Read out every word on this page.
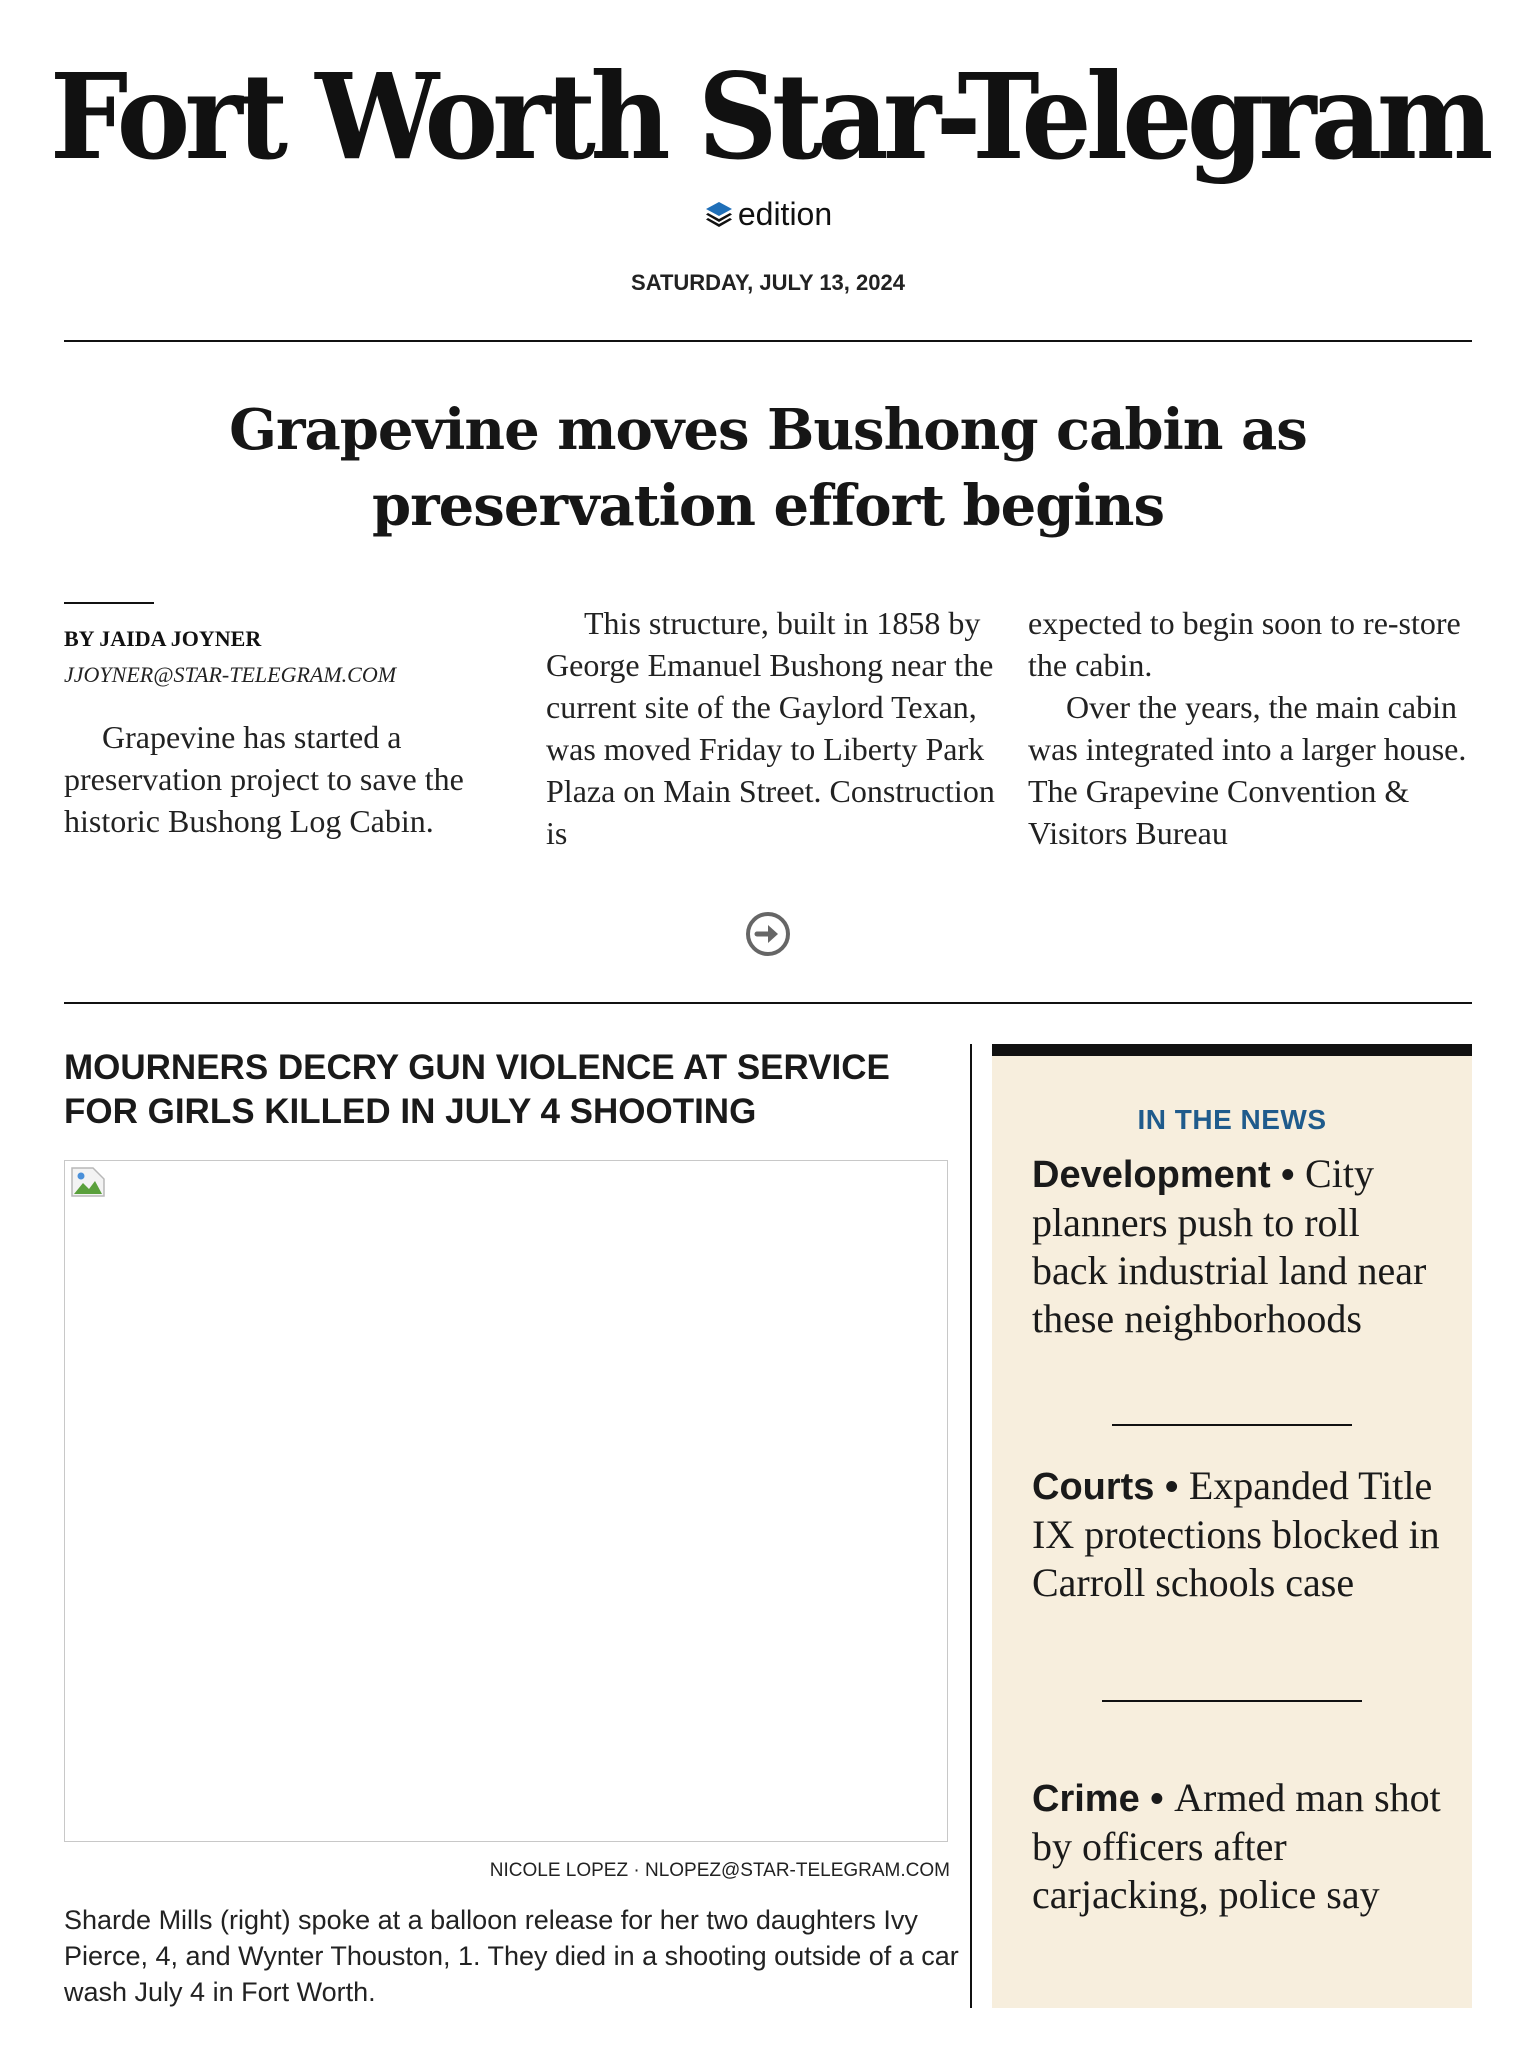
Fort Worth Star-Telegram
edition
SATURDAY, JULY 13, 2024
Grapevine moves Bushong cabin as preservation effort begins
BY JAIDA JOYNER
JJOYNER@STAR-TELEGRAM.COM

Grapevine has started a preservation project to save the historic Bushong Log Cabin.

This structure, built in 1858 by George Emanuel Bushong near the current site of the Gaylord Texan, was moved Friday to Liberty Park Plaza on Main Street. Construction is

expected to begin soon to re-store the cabin.

Over the years, the main cabin was integrated into a larger house. The Grapevine Convention & Visitors Bureau

MOURNERS DECRY GUN VIOLENCE AT SERVICE FOR GIRLS KILLED IN JULY 4 SHOOTING
NICOLE LOPEZ · NLOPEZ@STAR-TELEGRAM.COM
Sharde Mills (right) spoke at a balloon release for her two daughters Ivy Pierce, 4, and Wynter Thouston, 1. They died in a shooting outside of a car wash July 4 in Fort Worth.
IN THE NEWS
Development • City planners push to roll back industrial land near these neighborhoods
Courts • Expanded Title IX protections blocked in Carroll schools case
Crime • Armed man shot by officers after carjacking, police say
